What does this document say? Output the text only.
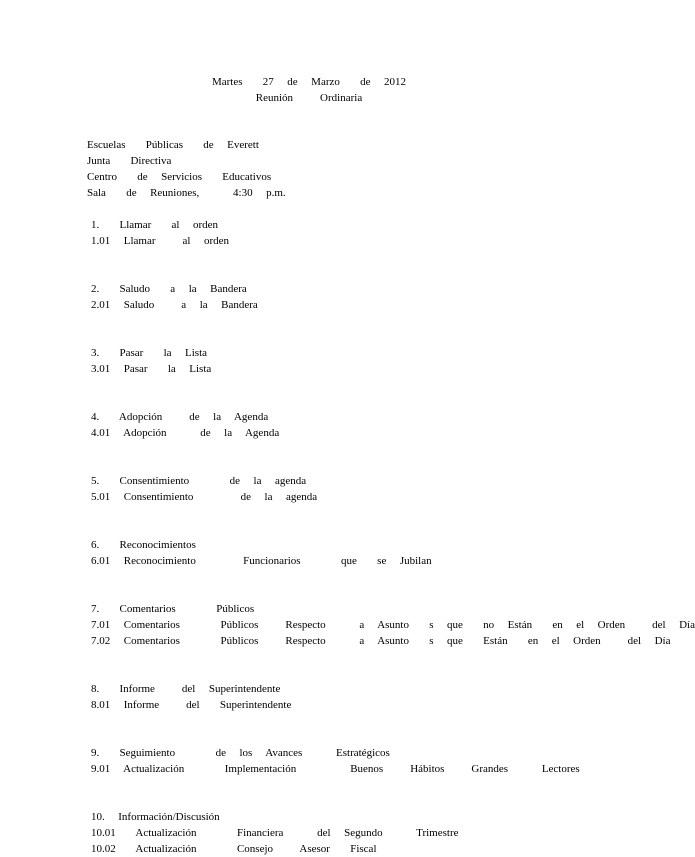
Martes   27  de  Marzo   de  2012
Reunión    Ordinaria
Escuelas   Públicas   de  Everett
Junta   Directiva
Centro   de  Servicios   Educativos
Sala   de  Reuniones,     4:30  p.m.
1.   Llamar   al  orden
1.01  Llamar    al  orden
2.   Saludo   a  la  Bandera
2.01  Saludo    a  la  Bandera
3.   Pasar   la  Lista
3.01  Pasar   la  Lista
4.   Adopción    de  la  Agenda
4.01  Adopción     de  la  Agenda
5.   Consentimiento      de  la  agenda
5.01  Consentimiento       de  la  agenda
6.   Reconocimientos
6.01  Reconocimiento       Funcionarios      que   se  Jubilan
7.   Comentarios      Públicos
7.01  Comentarios      Públicos    Respecto     a  Asunto   s  que   no  Están   en  el  Orden    del  Día
7.02  Comentarios      Públicos    Respecto     a  Asunto   s  que   Están   en  el  Orden    del  Día
8.   Informe    del  Superintendente
8.01  Informe    del   Superintendente
9.   Seguimiento      de  los  Avances     Estratégicos
9.01  Actualización      Implementación        Buenos    Hábitos    Grandes     Lectores
10.  Información/Discusión
10.01   Actualización      Financiera     del  Segundo     Trimestre
10.02   Actualización      Consejo    Asesor   Fiscal
